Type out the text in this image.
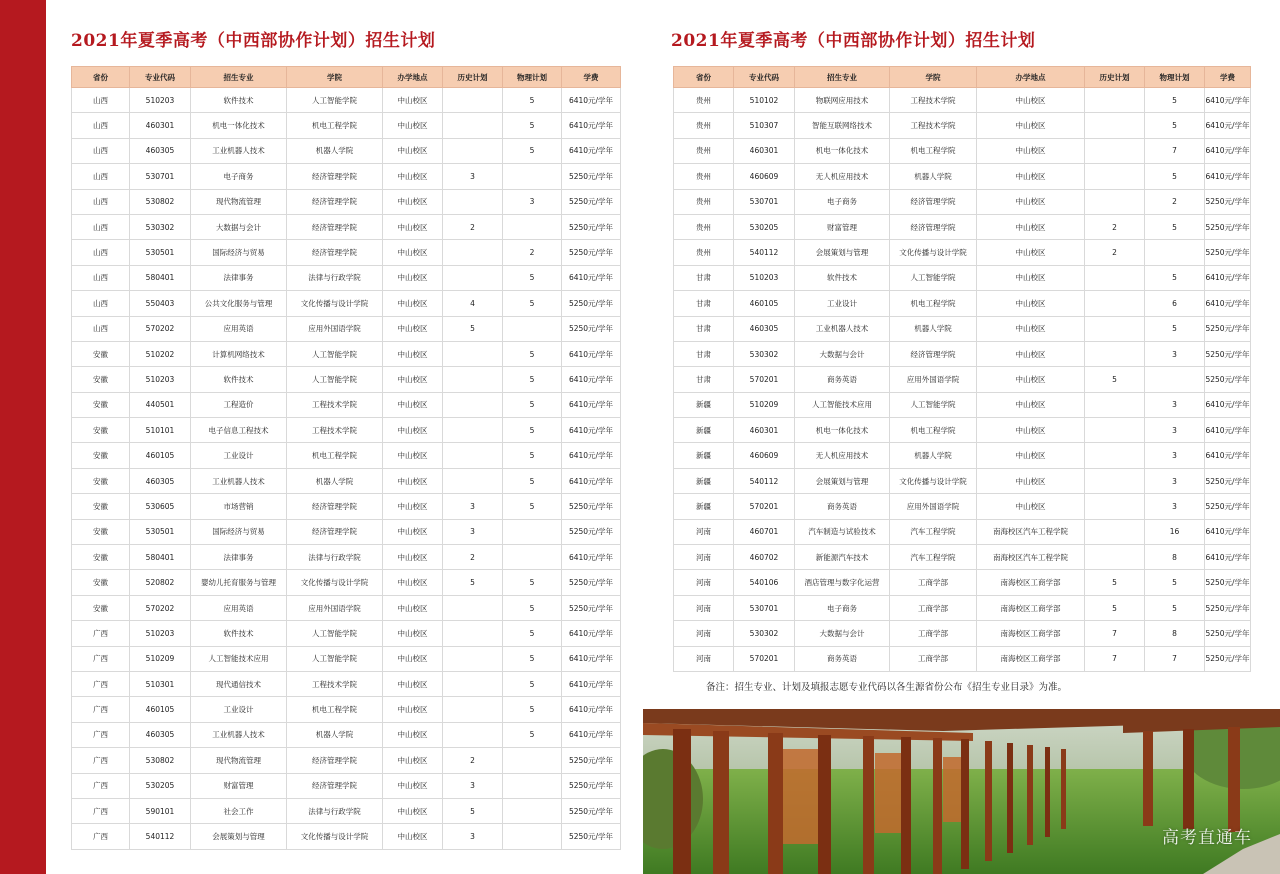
2021年夏季高考（中西部协作计划）招生计划	2021年夏季高考（中西部协作计划）招生计划
省份	专业代码	招生专业	学院	办学地点	历史计划	物理计划	学费
山西	510203	软件技术	人工智能学院	中山校区		5	6410元/学年
山西	460301	机电一体化技术	机电工程学院	中山校区		5	6410元/学年
山西	460305	工业机器人技术	机器人学院	中山校区		5	6410元/学年
山西	530701	电子商务	经济管理学院	中山校区	3		5250元/学年
山西	530802	现代物流管理	经济管理学院	中山校区		3	5250元/学年
山西	530302	大数据与会计	经济管理学院	中山校区	2		5250元/学年
山西	530501	国际经济与贸易	经济管理学院	中山校区		2	5250元/学年
山西	580401	法律事务	法律与行政学院	中山校区		5	6410元/学年
山西	550403	公共文化服务与管理	文化传播与设计学院	中山校区	4	5	5250元/学年
山西	570202	应用英语	应用外国语学院	中山校区	5		5250元/学年
安徽	510202	计算机网络技术	人工智能学院	中山校区		5	6410元/学年
安徽	510203	软件技术	人工智能学院	中山校区		5	6410元/学年
安徽	440501	工程造价	工程技术学院	中山校区		5	6410元/学年
安徽	510101	电子信息工程技术	工程技术学院	中山校区		5	6410元/学年
安徽	460105	工业设计	机电工程学院	中山校区		5	6410元/学年
安徽	460305	工业机器人技术	机器人学院	中山校区		5	6410元/学年
安徽	530605	市场营销	经济管理学院	中山校区	3	5	5250元/学年
安徽	530501	国际经济与贸易	经济管理学院	中山校区	3		5250元/学年
安徽	580401	法律事务	法律与行政学院	中山校区	2		6410元/学年
安徽	520802	婴幼儿托育服务与管理	文化传播与设计学院	中山校区	5	5	5250元/学年
安徽	570202	应用英语	应用外国语学院	中山校区		5	5250元/学年
广西	510203	软件技术	人工智能学院	中山校区		5	6410元/学年
广西	510209	人工智能技术应用	人工智能学院	中山校区		5	6410元/学年
广西	510301	现代通信技术	工程技术学院	中山校区		5	6410元/学年
广西	460105	工业设计	机电工程学院	中山校区		5	6410元/学年
广西	460305	工业机器人技术	机器人学院	中山校区		5	6410元/学年
广西	530802	现代物流管理	经济管理学院	中山校区	2		5250元/学年
广西	530205	财富管理	经济管理学院	中山校区	3		5250元/学年
广西	590101	社会工作	法律与行政学院	中山校区	5		5250元/学年
广西	540112	会展策划与管理	文化传播与设计学院	中山校区	3		5250元/学年
省份	专业代码	招生专业	学院	办学地点	历史计划	物理计划	学费
贵州	510102	物联网应用技术	工程技术学院	中山校区		5	6410元/学年
贵州	510307	智能互联网络技术	工程技术学院	中山校区		5	6410元/学年
贵州	460301	机电一体化技术	机电工程学院	中山校区		7	6410元/学年
贵州	460609	无人机应用技术	机器人学院	中山校区		5	6410元/学年
贵州	530701	电子商务	经济管理学院	中山校区		2	5250元/学年
贵州	530205	财富管理	经济管理学院	中山校区	2	5	5250元/学年
贵州	540112	会展策划与管理	文化传播与设计学院	中山校区	2		5250元/学年
甘肃	510203	软件技术	人工智能学院	中山校区		5	6410元/学年
甘肃	460105	工业设计	机电工程学院	中山校区		6	6410元/学年
甘肃	460305	工业机器人技术	机器人学院	中山校区		5	5250元/学年
甘肃	530302	大数据与会计	经济管理学院	中山校区		3	5250元/学年
甘肃	570201	商务英语	应用外国语学院	中山校区	5		5250元/学年
新疆	510209	人工智能技术应用	人工智能学院	中山校区		3	6410元/学年
新疆	460301	机电一体化技术	机电工程学院	中山校区		3	6410元/学年
新疆	460609	无人机应用技术	机器人学院	中山校区		3	6410元/学年
新疆	540112	会展策划与管理	文化传播与设计学院	中山校区		3	5250元/学年
新疆	570201	商务英语	应用外国语学院	中山校区		3	5250元/学年
河南	460701	汽车制造与试验技术	汽车工程学院	南海校区汽车工程学院		16	6410元/学年
河南	460702	新能源汽车技术	汽车工程学院	南海校区汽车工程学院		8	6410元/学年
河南	540106	酒店管理与数字化运营	工商学部	南海校区工商学部	5	5	5250元/学年
河南	530701	电子商务	工商学部	南海校区工商学部	5	5	5250元/学年
河南	530302	大数据与会计	工商学部	南海校区工商学部	7	8	5250元/学年
河南	570201	商务英语	工商学部	南海校区工商学部	7	7	5250元/学年
备注：招生专业、计划及填报志愿专业代码以各生源省份公布《招生专业目录》为准。
高考直通车
